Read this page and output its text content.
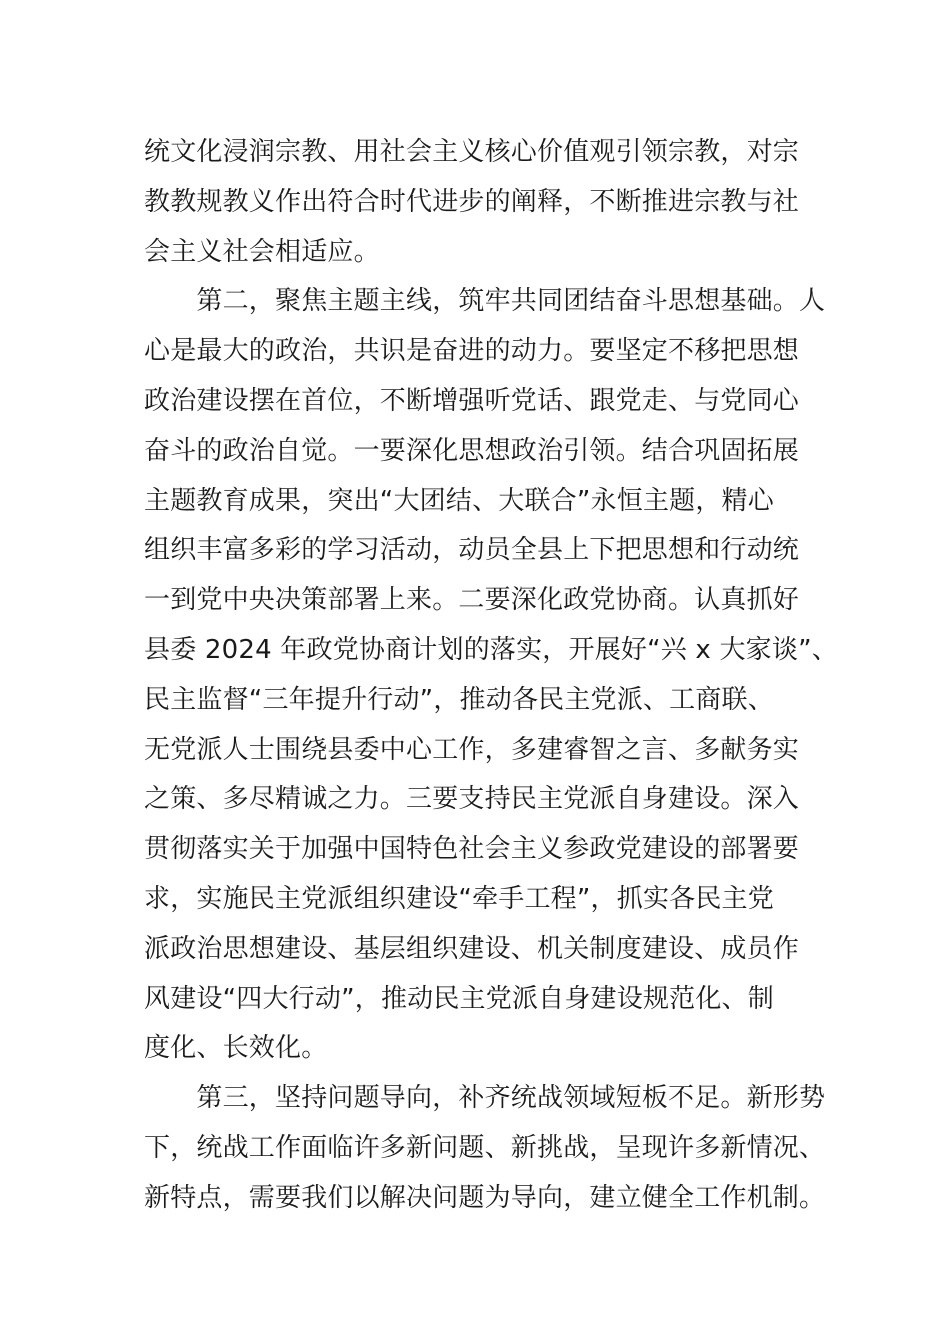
统文化浸润宗教、用社会主义核心价值观引领宗教，对宗
教教规教义作出符合时代进步的阐释，不断推进宗教与社
会主义社会相适应。
　　第二，聚焦主题主线，筑牢共同团结奋斗思想基础。人
心是最大的政治，共识是奋进的动力。要坚定不移把思想
政治建设摆在首位，不断增强听党话、跟党走、与党同心
奋斗的政治自觉。一要深化思想政治引领。结合巩固拓展
主题教育成果，突出“大团结、大联合”永恒主题，精心
组织丰富多彩的学习活动，动员全县上下把思想和行动统
一到党中央决策部署上来。二要深化政党协商。认真抓好
县委 2024 年政党协商计划的落实，开展好“兴 x 大家谈”、
民主监督“三年提升行动”，推动各民主党派、工商联、
无党派人士围绕县委中心工作，多建睿智之言、多献务实
之策、多尽精诚之力。三要支持民主党派自身建设。深入
贯彻落实关于加强中国特色社会主义参政党建设的部署要
求，实施民主党派组织建设“牵手工程”，抓实各民主党
派政治思想建设、基层组织建设、机关制度建设、成员作
风建设“四大行动”，推动民主党派自身建设规范化、制
度化、长效化。
　　第三，坚持问题导向，补齐统战领域短板不足。新形势
下，统战工作面临许多新问题、新挑战，呈现许多新情况、
新特点，需要我们以解决问题为导向，建立健全工作机制。
